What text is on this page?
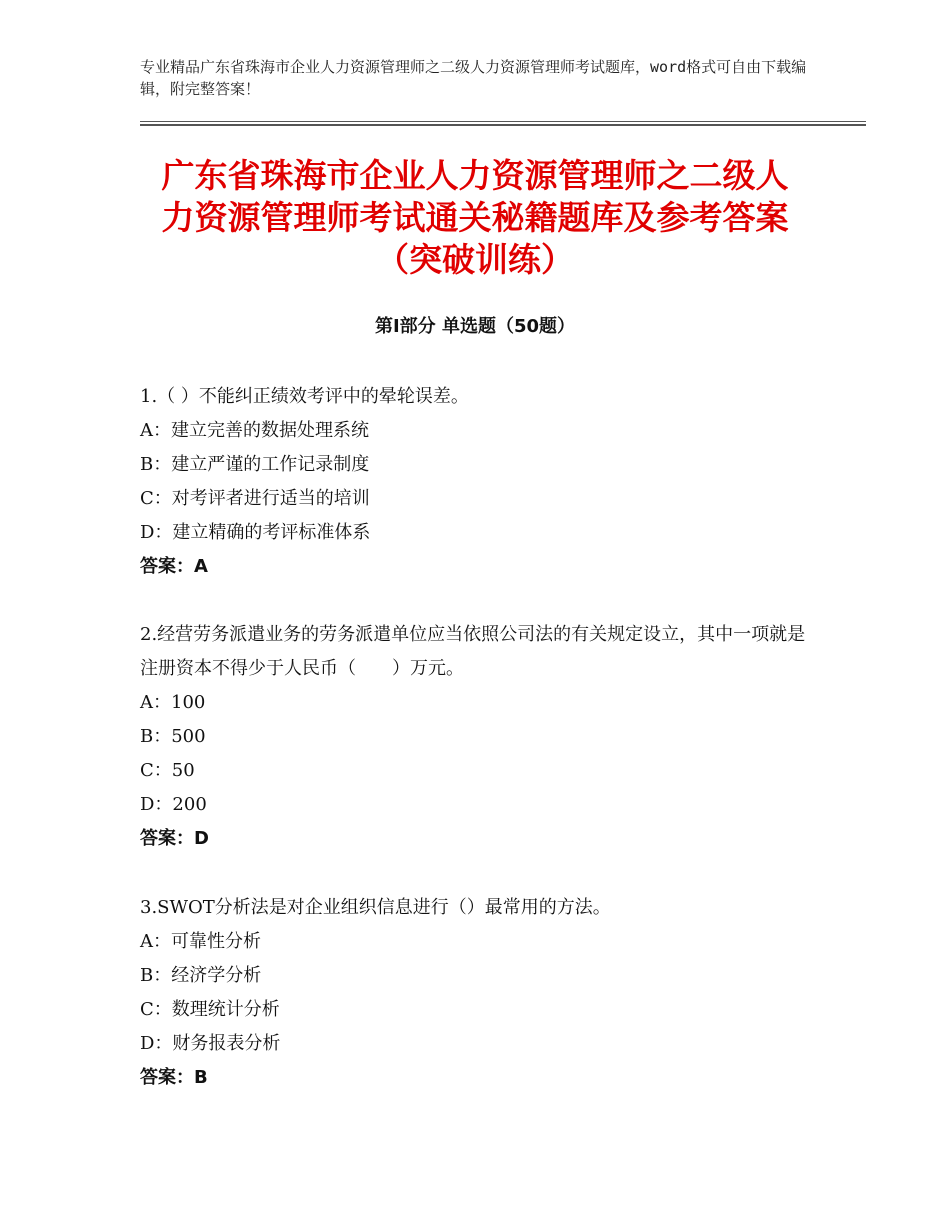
专业精品广东省珠海市企业人力资源管理师之二级人力资源管理师考试题库，word格式可自由下载编辑，附完整答案！
广东省珠海市企业人力资源管理师之二级人
力资源管理师考试通关秘籍题库及参考答案
（突破训练）
第Ⅰ部分 单选题（50题）

1.（ ）不能纠正绩效考评中的晕轮误差。

A：建立完善的数据处理系统

B：建立严谨的工作记录制度

C：对考评者进行适当的培训

D：建立精确的考评标准体系

答案：A

2.经营劳务派遣业务的劳务派遣单位应当依照公司法的有关规定设立，其中一项就是注册资本不得少于人民币（　　）万元。

A：100

B：500

C：50

D：200

答案：D

3.SWOT分析法是对企业组织信息进行（）最常用的方法。

A：可靠性分析

B：经济学分析

C：数理统计分析

D：财务报表分析

答案：B
